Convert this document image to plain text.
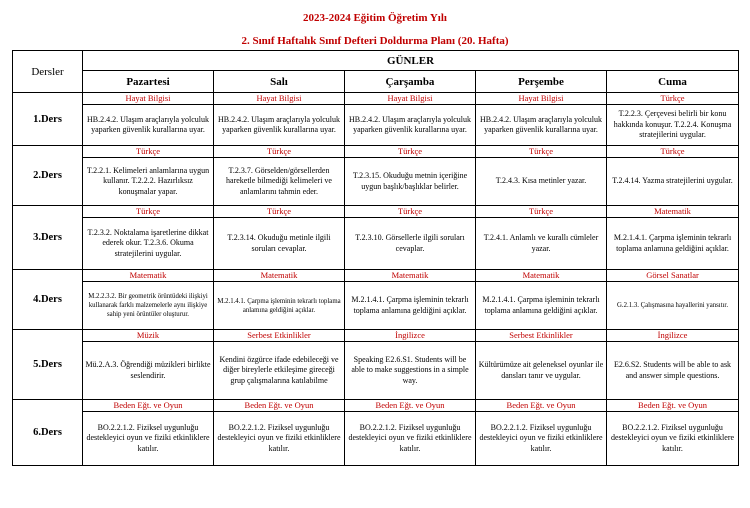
2023-2024 Eğitim Öğretim Yılı
2. Sınıf Haftalık Sınıf Defteri Doldurma Planı (20. Hafta)
Dersler	GÜNLER				
	Pazartesi	Salı	Çarşamba	Perşembe	Cuma
1.Ders	Hayat Bilgisi	Hayat Bilgisi	Hayat Bilgisi	Hayat Bilgisi	Türkçe
	HB.2.4.2. Ulaşım araçlarıyla yolculuk yaparken güvenlik kurallarına uyar.	HB.2.4.2. Ulaşım araçlarıyla yolculuk yaparken güvenlik kurallarına uyar.	HB.2.4.2. Ulaşım araçlarıyla yolculuk yaparken güvenlik kurallarına uyar.	HB.2.4.2. Ulaşım araçlarıyla yolculuk yaparken güvenlik kurallarına uyar.	T.2.2.3. Çerçevesi belirli bir konu hakkında konuşur. T.2.2.4. Konuşma stratejilerini uygular.
2.Ders	Türkçe	Türkçe	Türkçe	Türkçe	Türkçe
	T.2.2.1. Kelimeleri anlamlarına uygun kullanır. T.2.2.2. Hazırlıksız konuşmalar yapar.	T.2.3.7. Görselden/görsellerden hareketle bilmediği kelimeleri ve anlamlarını tahmin eder.	T.2.3.15. Okuduğu metnin içeriğine uygun başlık/başlıklar belirler.	T.2.4.3. Kısa metinler yazar.	T.2.4.14. Yazma stratejilerini uygular.
3.Ders	Türkçe	Türkçe	Türkçe	Türkçe	Matematik
	T.2.3.2. Noktalama işaretlerine dikkat ederek okur. T.2.3.6. Okuma stratejilerini uygular.	T.2.3.14. Okuduğu metinle ilgili soruları cevaplar.	T.2.3.10. Görsellerle ilgili soruları cevaplar.	T.2.4.1. Anlamlı ve kurallı cümleler yazar.	M.2.1.4.1. Çarpma işleminin tekrarlı toplama anlamına geldiğini açıklar.
4.Ders	Matematik	Matematik	Matematik	Matematik	Görsel Sanatlar
	M.2.2.3.2. Bir geometrik örüntüdeki ilişkiyi kullanarak farklı malzemelerle aynı ilişkiye sahip yeni örüntüler oluşturur.	M.2.1.4.1. Çarpma işleminin tekrarlı toplama anlamına geldiğini açıklar.	M.2.1.4.1. Çarpma işleminin tekrarlı toplama anlamına geldiğini açıklar.	M.2.1.4.1. Çarpma işleminin tekrarlı toplama anlamına geldiğini açıklar.	G.2.1.3. Çalışmasına hayallerini yansıtır.
5.Ders	Müzik	Serbest Etkinlikler	İngilizce	Serbest Etkinlikler	İngilizce
	Mü.2.A.3. Öğrendiği müzikleri birlikte seslendirir.	Kendini özgürce ifade edebileceği ve diğer bireylerle etkileşime gireceği grup çalışmalarına katılabilme	Speaking E2.6.S1. Students will be able to make suggestions in a simple way.	Kültürümüze ait geleneksel oyunlar ile dansları tanır ve uygular.	E2.6.S2. Students will be able to ask and answer simple questions.
6.Ders	Beden Eğt. ve Oyun	Beden Eğt. ve Oyun	Beden Eğt. ve Oyun	Beden Eğt. ve Oyun	Beden Eğt. ve Oyun
	BO.2.2.1.2. Fiziksel uygunluğu destekleyici oyun ve fiziki etkinliklere katılır.	BO.2.2.1.2. Fiziksel uygunluğu destekleyici oyun ve fiziki etkinliklere katılır.	BO.2.2.1.2. Fiziksel uygunluğu destekleyici oyun ve fiziki etkinliklere katılır.	BO.2.2.1.2. Fiziksel uygunluğu destekleyici oyun ve fiziki etkinliklere katılır.	BO.2.2.1.2. Fiziksel uygunluğu destekleyici oyun ve fiziki etkinliklere katılır.
